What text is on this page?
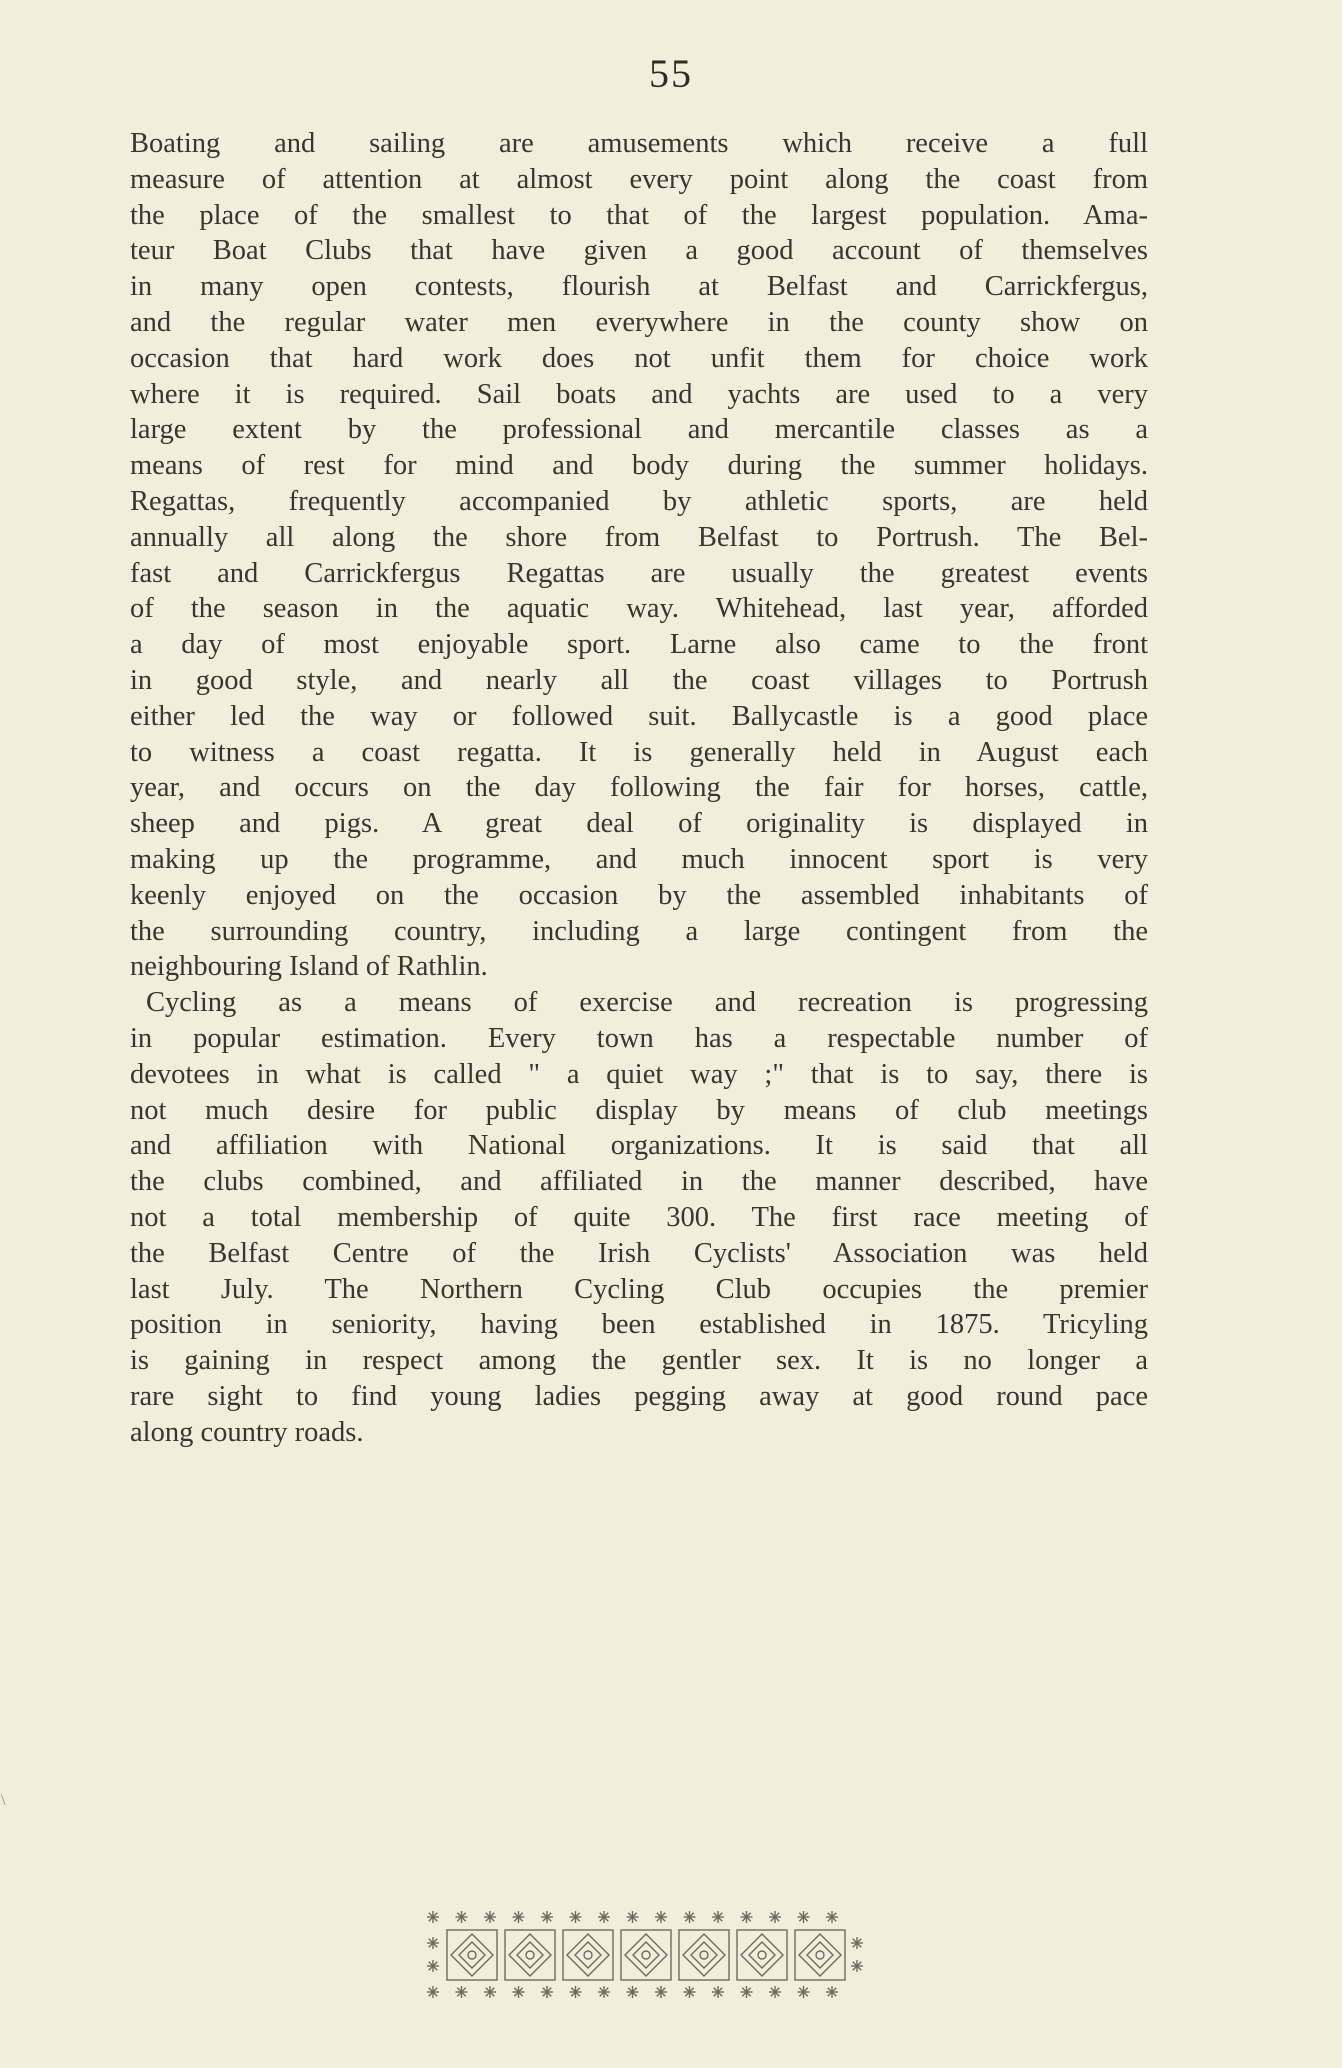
55
Boating and sailing are amusements which receive a full
measure of attention at almost every point along the coast from
the place of the smallest to that of the largest population. Ama-
teur Boat Clubs that have given a good account of themselves
in many open contests, flourish at Belfast and Carrickfergus,
and the regular water men everywhere in the county show on
occasion that hard work does not unfit them for choice work
where it is required. Sail boats and yachts are used to a very
large extent by the professional and mercantile classes as a
means of rest for mind and body during the summer holidays.
Regattas, frequently accompanied by athletic sports, are held
annually all along the shore from Belfast to Portrush. The Bel-
fast and Carrickfergus Regattas are usually the greatest events
of the season in the aquatic way. Whitehead, last year, afforded
a day of most enjoyable sport. Larne also came to the front
in good style, and nearly all the coast villages to Portrush
either led the way or followed suit. Ballycastle is a good place
to witness a coast regatta. It is generally held in August each
year, and occurs on the day following the fair for horses, cattle,
sheep and pigs. A great deal of originality is displayed in
making up the programme, and much innocent sport is very
keenly enjoyed on the occasion by the assembled inhabitants of
the surrounding country, including a large contingent from the
neighbouring Island of Rathlin.
Cycling as a means of exercise and recreation is progressing
in popular estimation. Every town has a respectable number of
devotees in what is called " a quiet way ;" that is to say, there is
not much desire for public display by means of club meetings
and affiliation with National organizations. It is said that all
the clubs combined, and affiliated in the manner described, have
not a total membership of quite 300. The first race meeting of
the Belfast Centre of the Irish Cyclists' Association was held
last July. The Northern Cycling Club occupies the premier
position in seniority, having been established in 1875. Tricyling
is gaining in respect among the gentler sex. It is no longer a
rare sight to find young ladies pegging away at good round pace
along country roads.
\
